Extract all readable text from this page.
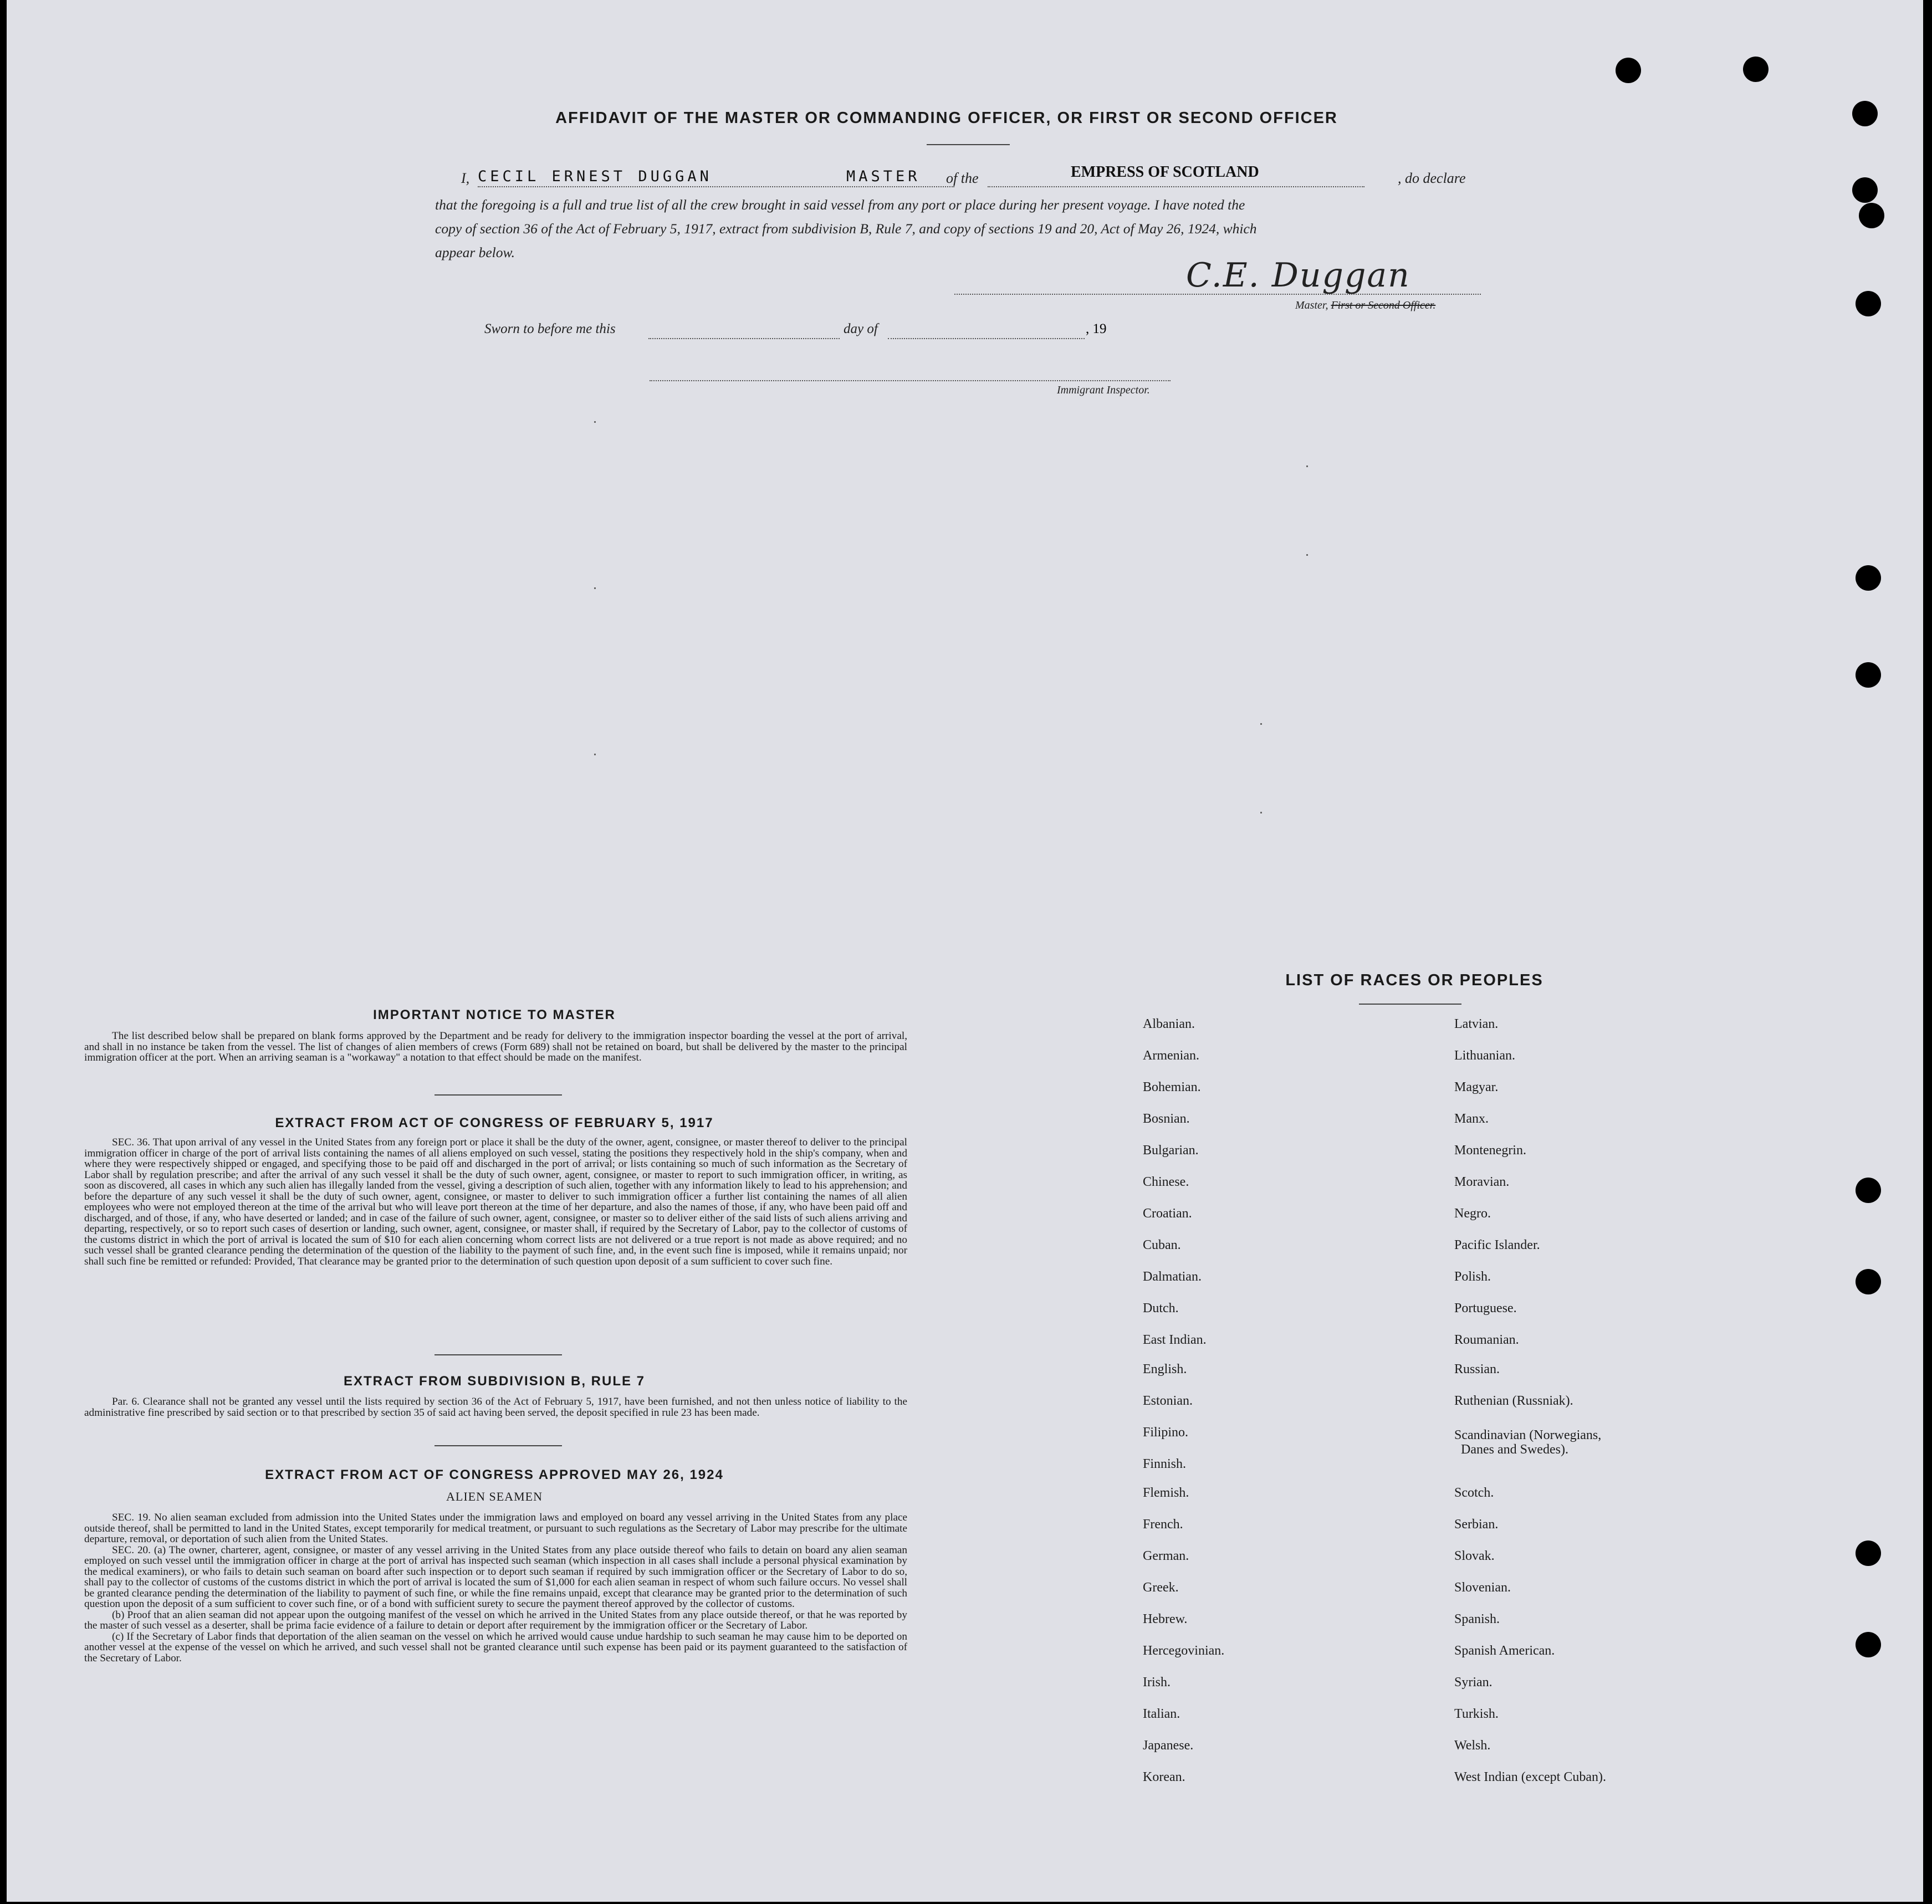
AFFIDAVIT OF THE MASTER OR COMMANDING OFFICER, OR FIRST OR SECOND OFFICER
I, CECIL ERNEST DUGGAN	MASTER of the	EMPRESS OF SCOTLAND	, do declare
that the foregoing is a full and true list of all the crew brought in said vessel from any port or place during her present voyage. I have noted the
copy of section 36 of the Act of February 5, 1917, extract from subdivision B, Rule 7, and copy of sections 19 and 20, Act of May 26, 1924, which
appear below.
C.E. Duggan
Master, First or Second Officer.
Sworn to before me this	day of	, 19
Immigrant Inspector.
IMPORTANT NOTICE TO MASTER

The list described below shall be prepared on blank forms approved by the Department and be ready for delivery to the immigration inspector boarding the vessel at the port of arrival, and shall in no instance be taken from the vessel. The list of changes of alien members of crews (Form 689) shall not be retained on board, but shall be delivered by the master to the principal immigration officer at the port. When an arriving seaman is a "workaway" a notation to that effect should be made on the manifest.

EXTRACT FROM ACT OF CONGRESS OF FEBRUARY 5, 1917

SEC. 36. That upon arrival of any vessel in the United States from any foreign port or place it shall be the duty of the owner, agent, consignee, or master thereof to deliver to the principal immigration officer in charge of the port of arrival lists containing the names of all aliens employed on such vessel, stating the positions they respectively hold in the ship's company, when and where they were respectively shipped or engaged, and specifying those to be paid off and discharged in the port of arrival; or lists containing so much of such information as the Secretary of Labor shall by regulation prescribe; and after the arrival of any such vessel it shall be the duty of such owner, agent, consignee, or master to report to such immigration officer, in writing, as soon as discovered, all cases in which any such alien has illegally landed from the vessel, giving a description of such alien, together with any information likely to lead to his apprehension; and before the departure of any such vessel it shall be the duty of such owner, agent, consignee, or master to deliver to such immigration officer a further list containing the names of all alien employees who were not employed thereon at the time of the arrival but who will leave port thereon at the time of her departure, and also the names of those, if any, who have been paid off and discharged, and of those, if any, who have deserted or landed; and in case of the failure of such owner, agent, consignee, or master so to deliver either of the said lists of such aliens arriving and departing, respectively, or so to report such cases of desertion or landing, such owner, agent, consignee, or master shall, if required by the Secretary of Labor, pay to the collector of customs of the customs district in which the port of arrival is located the sum of $10 for each alien concerning whom correct lists are not delivered or a true report is not made as above required; and no such vessel shall be granted clearance pending the determination of the question of the liability to the payment of such fine, and, in the event such fine is imposed, while it remains unpaid; nor shall such fine be remitted or refunded: Provided, That clearance may be granted prior to the determination of such question upon deposit of a sum sufficient to cover such fine.

EXTRACT FROM SUBDIVISION B, RULE 7

Par. 6. Clearance shall not be granted any vessel until the lists required by section 36 of the Act of February 5, 1917, have been furnished, and not then unless notice of liability to the administrative fine prescribed by said section or to that prescribed by section 35 of said act having been served, the deposit specified in rule 23 has been made.

EXTRACT FROM ACT OF CONGRESS APPROVED MAY 26, 1924
ALIEN SEAMEN

SEC. 19. No alien seaman excluded from admission into the United States under the immigration laws and employed on board any vessel arriving in the United States from any place outside thereof, shall be permitted to land in the United States, except temporarily for medical treatment, or pursuant to such regulations as the Secretary of Labor may prescribe for the ultimate departure, removal, or deportation of such alien from the United States.

SEC. 20. (a) The owner, charterer, agent, consignee, or master of any vessel arriving in the United States from any place outside thereof who fails to detain on board any alien seaman employed on such vessel until the immigration officer in charge at the port of arrival has inspected such seaman (which inspection in all cases shall include a personal physical examination by the medical examiners), or who fails to detain such seaman on board after such inspection or to deport such seaman if required by such immigration officer or the Secretary of Labor to do so, shall pay to the collector of customs of the customs district in which the port of arrival is located the sum of $1,000 for each alien seaman in respect of whom such failure occurs. No vessel shall be granted clearance pending the determination of the liability to payment of such fine, or while the fine remains unpaid, except that clearance may be granted prior to the determination of such question upon the deposit of a sum sufficient to cover such fine, or of a bond with sufficient surety to secure the payment thereof approved by the collector of customs.

(b) Proof that an alien seaman did not appear upon the outgoing manifest of the vessel on which he arrived in the United States from any place outside thereof, or that he was reported by the master of such vessel as a deserter, shall be prima facie evidence of a failure to detain or deport after requirement by the immigration officer or the Secretary of Labor.

(c) If the Secretary of Labor finds that deportation of the alien seaman on the vessel on which he arrived would cause undue hardship to such seaman he may cause him to be deported on another vessel at the expense of the vessel on which he arrived, and such vessel shall not be granted clearance until such expense has been paid or its payment guaranteed to the satisfaction of the Secretary of Labor.

LIST OF RACES OR PEOPLES
Albanian.
Armenian.
Bohemian.
Bosnian.
Bulgarian.
Chinese.
Croatian.
Cuban.
Dalmatian.
Dutch.
East Indian.
English.
Estonian.
Filipino.
Finnish.
Flemish.
French.
German.
Greek.
Hebrew.
Hercegovinian.
Irish.
Italian.
Japanese.
Korean.
Latvian.
Lithuanian.
Magyar.
Manx.
Montenegrin.
Moravian.
Negro.
Pacific Islander.
Polish.
Portuguese.
Roumanian.
Russian.
Ruthenian (Russniak).
Scandinavian (Norwegians,
Danes and Swedes).
Scotch.
Serbian.
Slovak.
Slovenian.
Spanish.
Spanish American.
Syrian.
Turkish.
Welsh.
West Indian (except Cuban).
